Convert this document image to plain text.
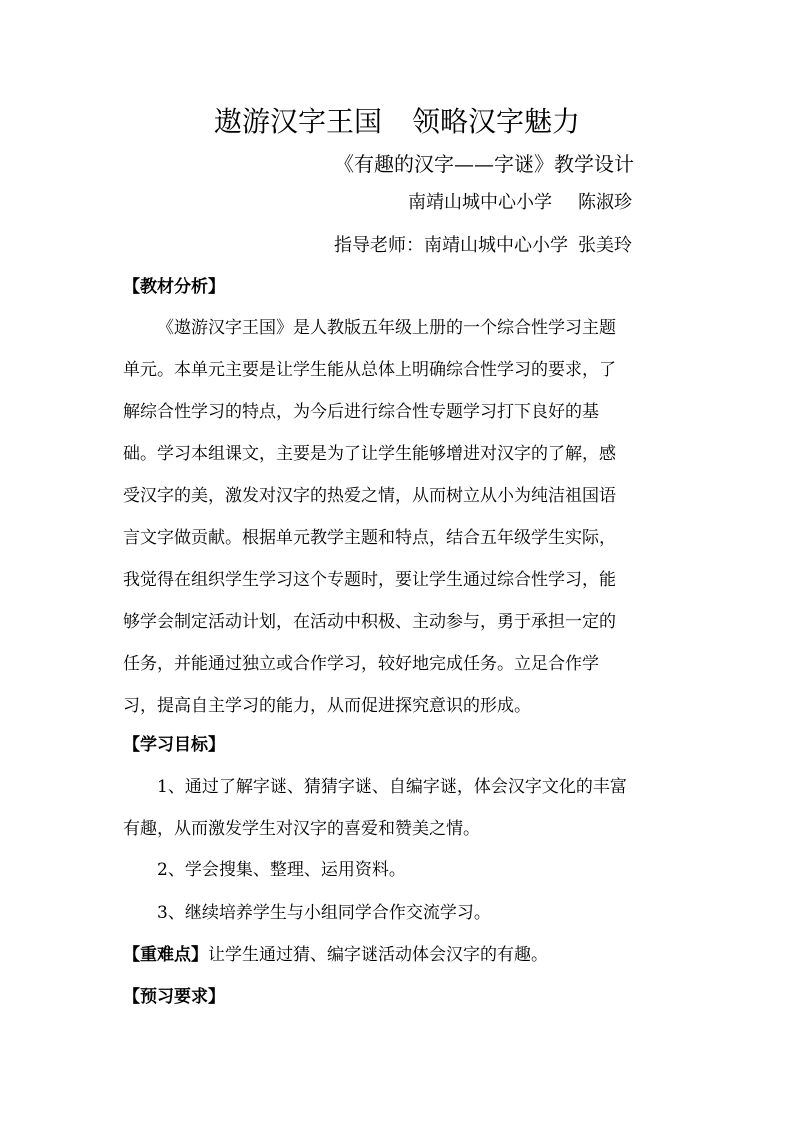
遨游汉字王国 领略汉字魅力
《有趣的汉字——字谜》教学设计
南靖山城中心小学 陈淑珍
指导老师：南靖山城中心小学 张美玲
【教材分析】
《遨游汉字王国》是人教版五年级上册的一个综合性学习主题
单元。本单元主要是让学生能从总体上明确综合性学习的要求，了
解综合性学习的特点，为今后进行综合性专题学习打下良好的基
础。学习本组课文，主要是为了让学生能够增进对汉字的了解，感
受汉字的美，激发对汉字的热爱之情，从而树立从小为纯洁祖国语
言文字做贡献。根据单元教学主题和特点，结合五年级学生实际，
我觉得在组织学生学习这个专题时，要让学生通过综合性学习，能
够学会制定活动计划，在活动中积极、主动参与，勇于承担一定的
任务，并能通过独立或合作学习，较好地完成任务。立足合作学
习，提高自主学习的能力，从而促进探究意识的形成。
【学习目标】
1、通过了解字谜、猜猜字谜、自编字谜，体会汉字文化的丰富
有趣，从而激发学生对汉字的喜爱和赞美之情。
2、学会搜集、整理、运用资料。
3、继续培养学生与小组同学合作交流学习。
【重难点】让学生通过猜、编字谜活动体会汉字的有趣。
【预习要求】
